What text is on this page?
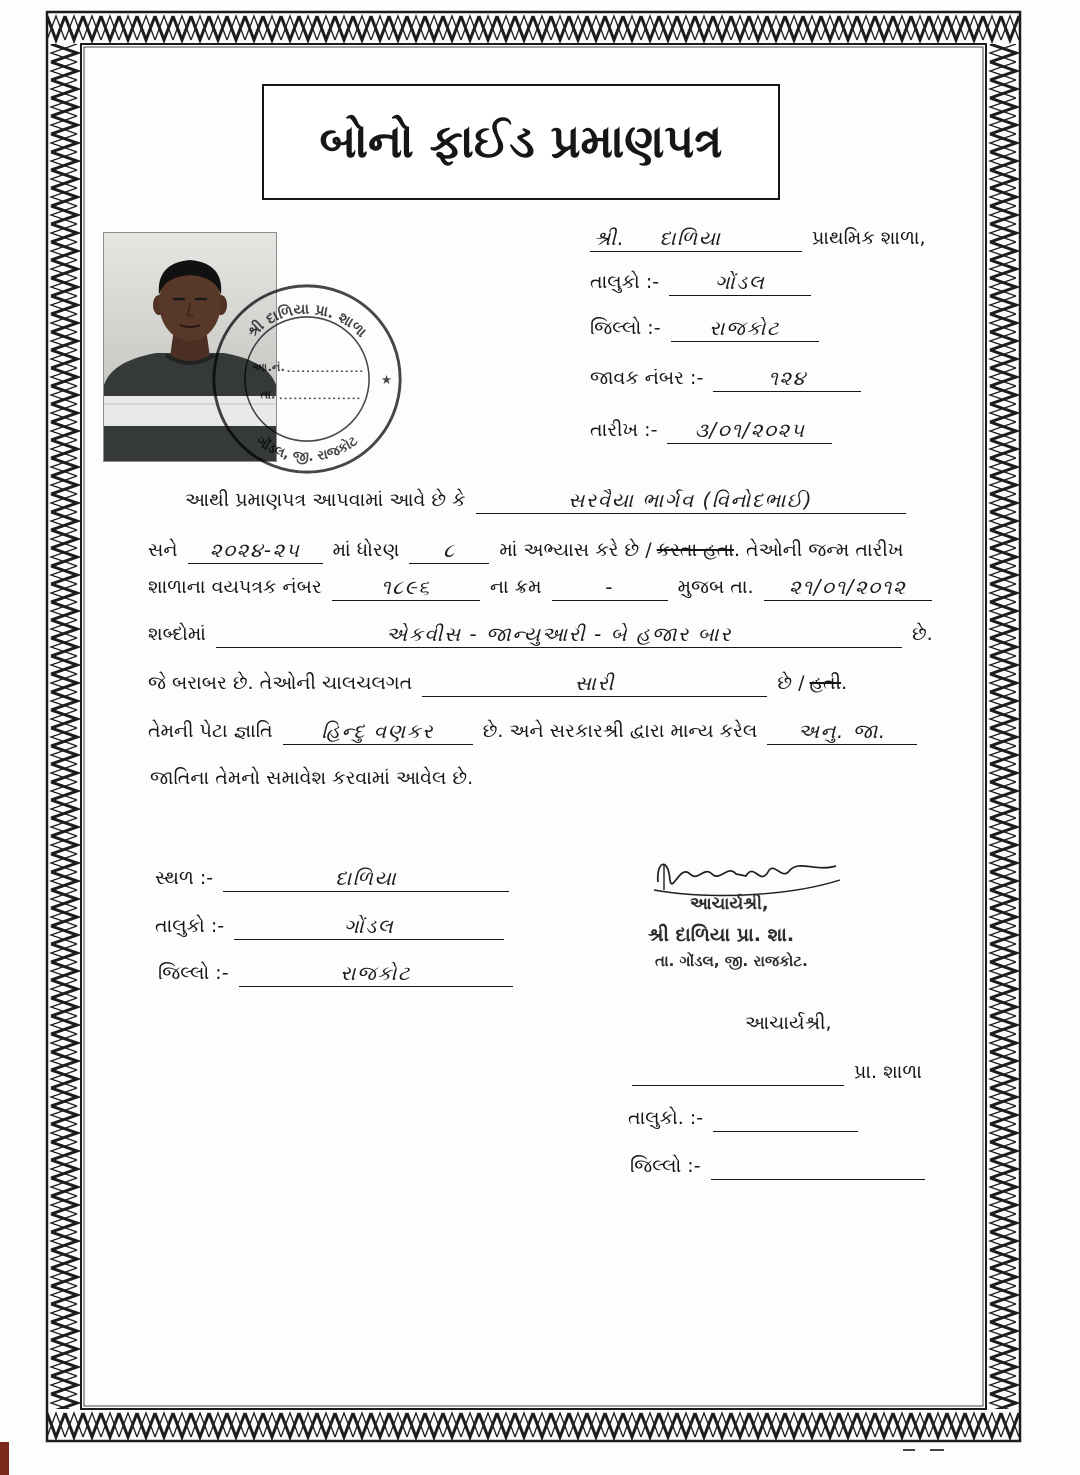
બોનો ફાઈડ પ્રમાણપત્ર
શ્રી દાળિયા પ્રા. શાળા
ગોંડલ, જી. રાજકોટ
આ.નં.
તા.
★
શ્રી. દાળિયા	પ્રાથમિક શાળા,
તાલુકો :-	ગોંડલ
જિલ્લો :- રાજકોટ
જાવક નંબર :-	૧૨૪
તારીખ :- ૩/૦૧/૨૦૨૫
આથી પ્રમાણપત્ર આપવામાં આવે છે કે	સરવૈયા ભાર્ગવ (વિનોદભાઈ)
સને ૨૦૨૪-૨૫ માં ધોરણ ૮ માં અભ્યાસ કરે છે / કરતા હતા. તેઓની જન્મ તારીખ
શાળાના વયપત્રક નંબર	૧૮૯૬	ના ક્રમ	-	મુજબ તા. ૨૧/૦૧/૨૦૧૨
શબ્દોમાં	એકવીસ - જાન્યુઆરી - બે હજાર બાર	છે.
જે બરાબર છે. તેઓની ચાલચલગત	સારી	છે / હતી.
તેમની પેટા જ્ઞાતિ હિન્દુ વણકર	છે. અને સરકારશ્રી દ્વારા માન્ય કરેલ અનુ. જા.
જાતિના તેમનો સમાવેશ કરવામાં આવેલ છે.
સ્થળ :-	દાળિયા
તાલુકો :-	ગોંડલ
જિલ્લો :-	રાજકોટ
આચાર્યશ્રી,
શ્રી દાળિયા પ્રા. શા.
તા. ગોંડલ, જી. રાજકોટ.
આચાર્યશ્રી,
પ્રા. શાળા
તાલુકો. :-
જિલ્લો :-
